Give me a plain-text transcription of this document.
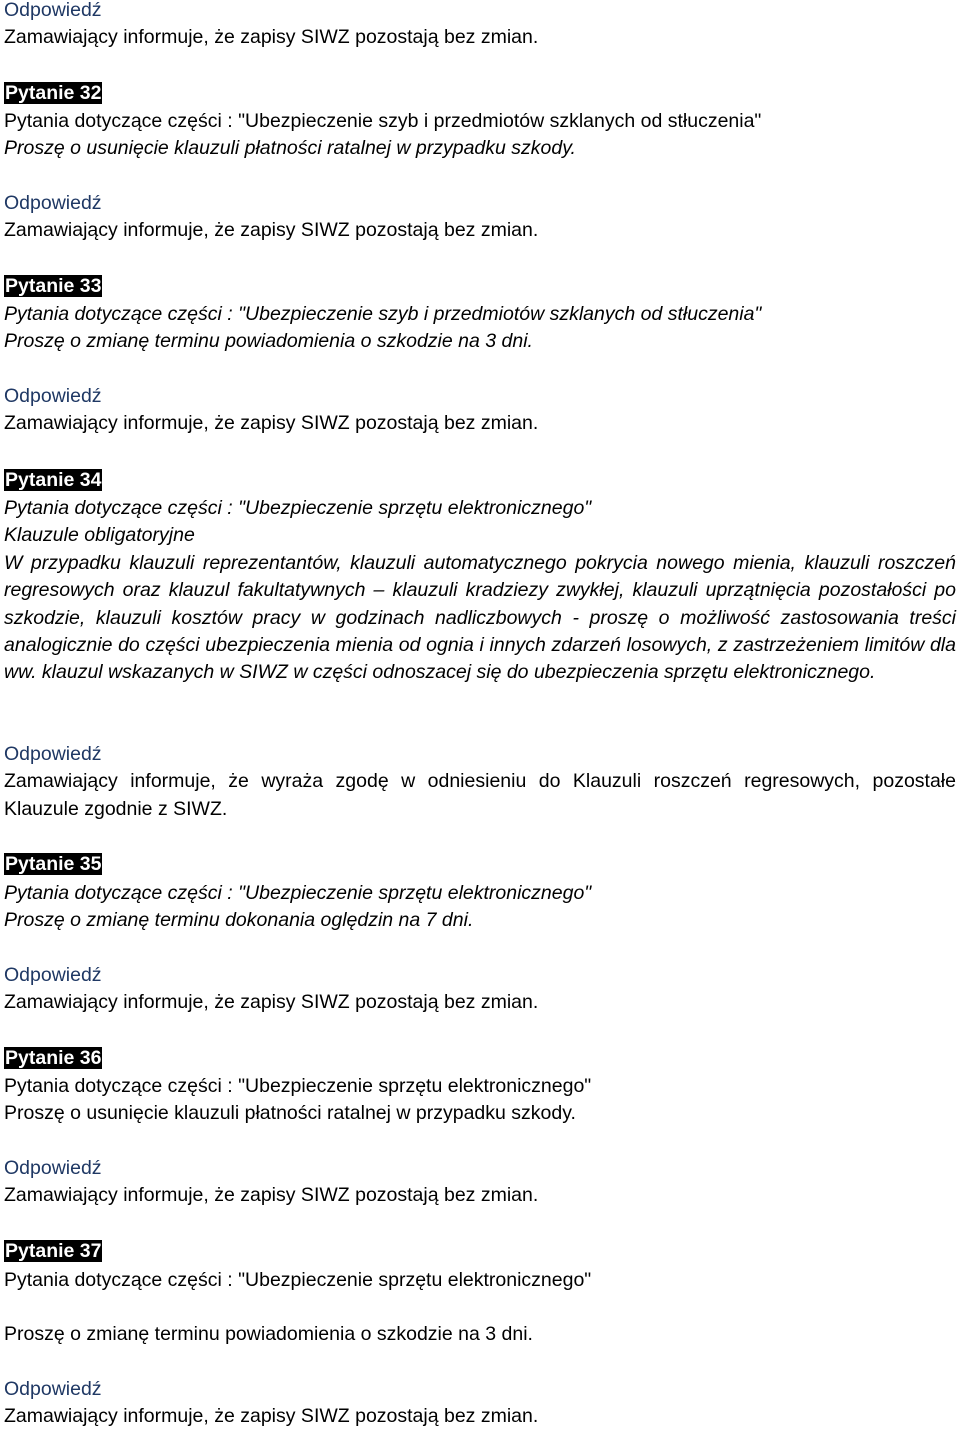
Odpowiedź

Zamawiający informuje, że zapisy SIWZ pozostają bez zmian.

Pytanie 32

Pytania dotyczące części : "Ubezpieczenie szyb i przedmiotów szklanych od stłuczenia"

Proszę o usunięcie klauzuli płatności ratalnej w przypadku szkody.

Odpowiedź

Zamawiający informuje, że zapisy SIWZ pozostają bez zmian.

Pytanie 33

Pytania dotyczące części : "Ubezpieczenie szyb i przedmiotów szklanych od stłuczenia"

Proszę o zmianę terminu powiadomienia o szkodzie na 3 dni.

Odpowiedź

Zamawiający informuje, że zapisy SIWZ pozostają bez zmian.

Pytanie 34

Pytania dotyczące części : "Ubezpieczenie sprzętu elektronicznego"

Klauzule obligatoryjne

W przypadku klauzuli reprezentantów, klauzuli automatycznego pokrycia nowego mienia, klauzuli roszczeń regresowych oraz klauzul fakultatywnych – klauzuli kradziezy zwykłej, klauzuli uprzątnięcia pozostałości po szkodzie, klauzuli kosztów pracy w godzinach nadliczbowych - proszę o możliwość zastosowania treści analogicznie do części ubezpieczenia mienia od ognia i innych zdarzeń losowych, z zastrzeżeniem limitów dla ww. klauzul wskazanych w SIWZ w części odnoszacej się do ubezpieczenia sprzętu elektronicznego.

Odpowiedź

Zamawiający informuje, że wyraża zgodę w odniesieniu do Klauzuli roszczeń regresowych, pozostałe Klauzule zgodnie z SIWZ.

Pytanie 35

Pytania dotyczące części : "Ubezpieczenie sprzętu elektronicznego"

Proszę o zmianę terminu dokonania oględzin na 7 dni.

Odpowiedź

Zamawiający informuje, że zapisy SIWZ pozostają bez zmian.

Pytanie 36

Pytania dotyczące części : "Ubezpieczenie sprzętu elektronicznego"

Proszę o usunięcie klauzuli płatności ratalnej w przypadku szkody.

Odpowiedź

Zamawiający informuje, że zapisy SIWZ pozostają bez zmian.

Pytanie 37

Pytania dotyczące części : "Ubezpieczenie sprzętu elektronicznego"

Proszę o zmianę terminu powiadomienia o szkodzie na 3 dni.

Odpowiedź

Zamawiający informuje, że zapisy SIWZ pozostają bez zmian.
